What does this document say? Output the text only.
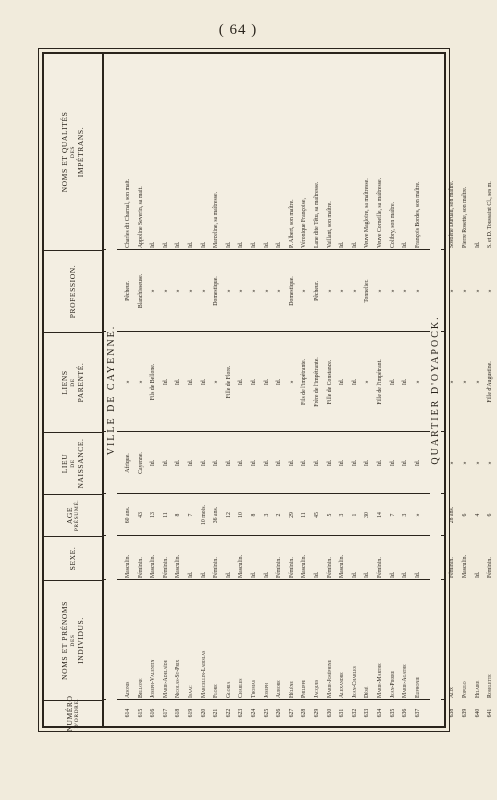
( 64 )
NUMÉRO D'ORDRE.
NOMS ET PRÉNOMS DES INDIVIDUS.
SEXE.
AGE PRÉSUMÉ.
LIEU DE NAISSANCE.
LIENS DE PARENTÉ.
PROFESSION.
NOMS ET QUALITÉS DES IMPÉTRANS.
VILLE DE CAYENNE.
614
Adonis
Masculin.
60 ans.
Afrique.
»
Pêcheur.
Charles dit Charnal, son mait.
615
Bellone
Féminin.
43
Cayenne.
»
Blanchisseuse.
Appoline Severin, sa mait.
616
Joseph-Valentin
Masculin.
13
Id.
Fils de Bellone.
»
Id.
617
Marie-Adelaïde
Féminin.
11
Id.
Id.
»
Id.
618
Nicolas-St-Prix
Masculin.
8
Id.
Id.
»
Id.
619
Isaac
Id.
7
Id.
Id.
»
Id.
620
Marcellin-Ladislas
Id.
10 mois.
Id.
Id.
»
Id.
621
Flore
Féminin.
36 ans.
Id.
»
Domestique.
Marceline, sa maîtresse.
622
Gloria
Id.
12
Id.
Fille de Flore.
»
Id.
623
Charles
Masculin.
10
Id.
Id.
»
Id.
624
Thomas
Id.
8
Id.
Id.
»
Id.
625
Joseph
Id.
3
Id.
Id.
»
Id.
626
Aurore
Féminin.
2
Id.
Id.
»
Id.
627
Hélène
Féminin.
29
Id.
»
Domestique.
P. Albert, son maître.
628
Philippe
Masculin.
11
Id.
Fils de l'impétrante.
»
Véronique Françoise,
629
Jacques
Id.
45
Id.
Frère de l'impétrante.
Pêcheur.
Lane dite Têtu, sa maîtresse.
630
Marie-Joséphine
Féminin.
5
Id.
Fille de Constance.
»
Vaillant, son maître.
631
Alexandre
Masculin.
3
Id.
Id.
»
Id.
632
Jean-Charles
Id.
1
Id.
Id.
»
Id.
633
Désé
Id.
30
Id.
»
Tonnelier.
Veuve Magloire, sa maîtresse.
634
Marie-Marthe
Féminin.
14
Id.
Fille de l'impétrant.
»
Veuve Corneille, sa maîtresse.
635
Jean-Pierre
Id.
7
Id.
Id.
»
Colibry, son maître.
636
Marie-Agathe
Id.
3
Id.
Id.
»
Id.
637
Euphonie
Id.
»
Id.
»
»
François Bordes, son maître.
QUARTIER D'OYAPOCK.
638
Alix
Féminin.
28 ans.
»
»
»
Sostiène Duruau, son maître.
639
Populo
Masculin.
6
»
»
»
Pierre Rosette, son maître.
640
Hilaire
Id.
4
»
»
»
Id.
641
Roselette
Féminin.
6
»
Fille d'Augustine.
»
S. et D. Toussaint Cl., ses m.
